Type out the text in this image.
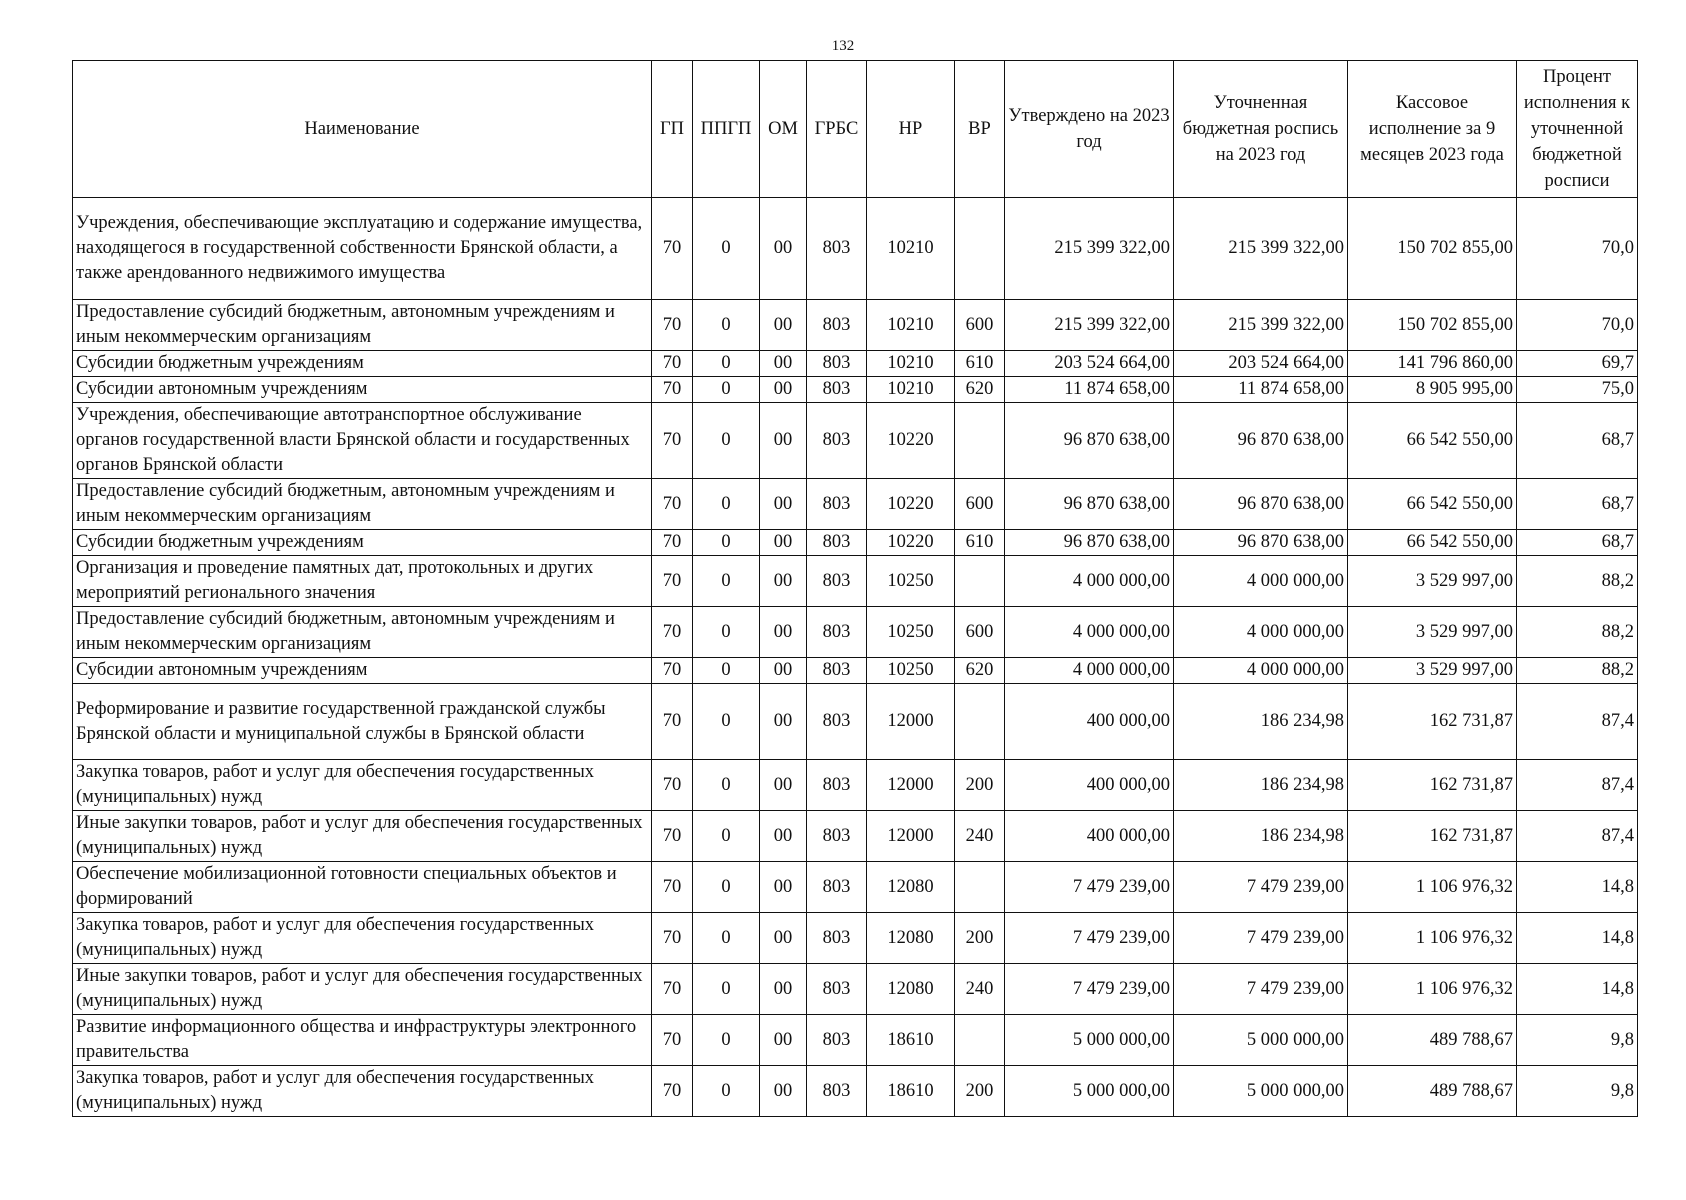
132
Наименование	ГП	ППГП	ОМ	ГРБС	НР	ВР	Утверждено на 2023 год	Уточненная бюджетная роспись на 2023 год	Кассовое исполнение за 9 месяцев 2023 года	Процент исполнения к уточненной бюджетной росписи
Учреждения, обеспечивающие эксплуатацию и содержание имущества, находящегося в государственной собственности Брянской области, а также арендованного недвижимого имущества	70	0	00	803	10210		215 399 322,00	215 399 322,00	150 702 855,00	70,0
Предоставление субсидий бюджетным, автономным учреждениям и иным некоммерческим организациям	70	0	00	803	10210	600	215 399 322,00	215 399 322,00	150 702 855,00	70,0
Субсидии бюджетным учреждениям	70	0	00	803	10210	610	203 524 664,00	203 524 664,00	141 796 860,00	69,7
Субсидии автономным учреждениям	70	0	00	803	10210	620	11 874 658,00	11 874 658,00	8 905 995,00	75,0
Учреждения, обеспечивающие автотранспортное обслуживание органов государственной власти Брянской области и государственных органов Брянской области	70	0	00	803	10220		96 870 638,00	96 870 638,00	66 542 550,00	68,7
Предоставление субсидий бюджетным, автономным учреждениям и иным некоммерческим организациям	70	0	00	803	10220	600	96 870 638,00	96 870 638,00	66 542 550,00	68,7
Субсидии бюджетным учреждениям	70	0	00	803	10220	610	96 870 638,00	96 870 638,00	66 542 550,00	68,7
Организация и проведение памятных дат, протокольных и других мероприятий регионального значения	70	0	00	803	10250		4 000 000,00	4 000 000,00	3 529 997,00	88,2
Предоставление субсидий бюджетным, автономным учреждениям и иным некоммерческим организациям	70	0	00	803	10250	600	4 000 000,00	4 000 000,00	3 529 997,00	88,2
Субсидии автономным учреждениям	70	0	00	803	10250	620	4 000 000,00	4 000 000,00	3 529 997,00	88,2
Реформирование и развитие государственной гражданской службы Брянской области и муниципальной службы в Брянской области	70	0	00	803	12000		400 000,00	186 234,98	162 731,87	87,4
Закупка товаров, работ и услуг для обеспечения государственных (муниципальных) нужд	70	0	00	803	12000	200	400 000,00	186 234,98	162 731,87	87,4
Иные закупки товаров, работ и услуг для обеспечения государственных (муниципальных) нужд	70	0	00	803	12000	240	400 000,00	186 234,98	162 731,87	87,4
Обеспечение мобилизационной готовности специальных объектов и формирований	70	0	00	803	12080		7 479 239,00	7 479 239,00	1 106 976,32	14,8
Закупка товаров, работ и услуг для обеспечения государственных (муниципальных) нужд	70	0	00	803	12080	200	7 479 239,00	7 479 239,00	1 106 976,32	14,8
Иные закупки товаров, работ и услуг для обеспечения государственных (муниципальных) нужд	70	0	00	803	12080	240	7 479 239,00	7 479 239,00	1 106 976,32	14,8
Развитие информационного общества и инфраструктуры электронного правительства	70	0	00	803	18610		5 000 000,00	5 000 000,00	489 788,67	9,8
Закупка товаров, работ и услуг для обеспечения государственных (муниципальных) нужд	70	0	00	803	18610	200	5 000 000,00	5 000 000,00	489 788,67	9,8
